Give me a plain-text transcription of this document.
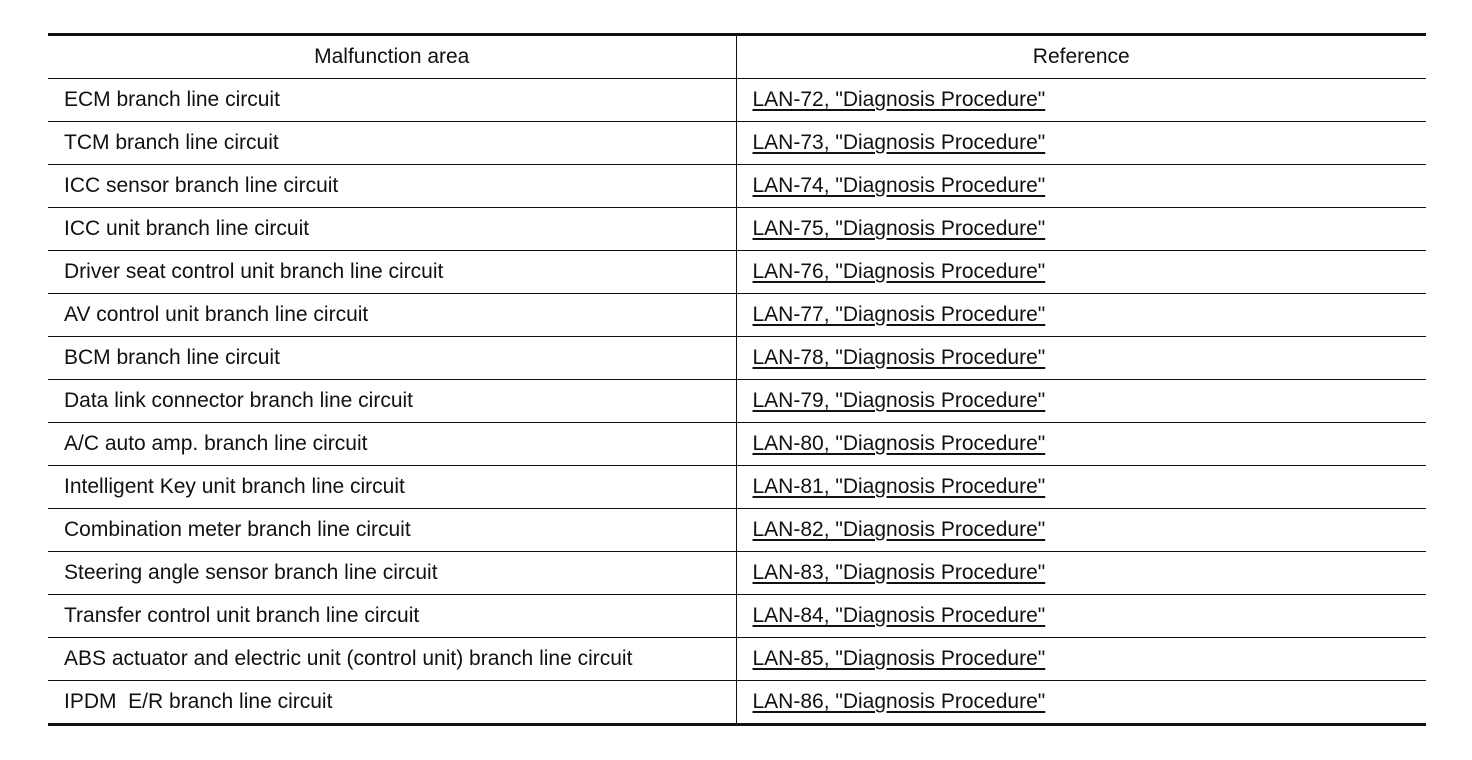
Malfunction area	Reference
ECM branch line circuit	LAN-72, "Diagnosis Procedure"
TCM branch line circuit	LAN-73, "Diagnosis Procedure"
ICC sensor branch line circuit	LAN-74, "Diagnosis Procedure"
ICC unit branch line circuit	LAN-75, "Diagnosis Procedure"
Driver seat control unit branch line circuit	LAN-76, "Diagnosis Procedure"
AV control unit branch line circuit	LAN-77, "Diagnosis Procedure"
BCM branch line circuit	LAN-78, "Diagnosis Procedure"
Data link connector branch line circuit	LAN-79, "Diagnosis Procedure"
A/C auto amp. branch line circuit	LAN-80, "Diagnosis Procedure"
Intelligent Key unit branch line circuit	LAN-81, "Diagnosis Procedure"
Combination meter branch line circuit	LAN-82, "Diagnosis Procedure"
Steering angle sensor branch line circuit	LAN-83, "Diagnosis Procedure"
Transfer control unit branch line circuit	LAN-84, "Diagnosis Procedure"
ABS actuator and electric unit (control unit) branch line circuit	LAN-85, "Diagnosis Procedure"
IPDM  E/R branch line circuit	LAN-86, "Diagnosis Procedure"
